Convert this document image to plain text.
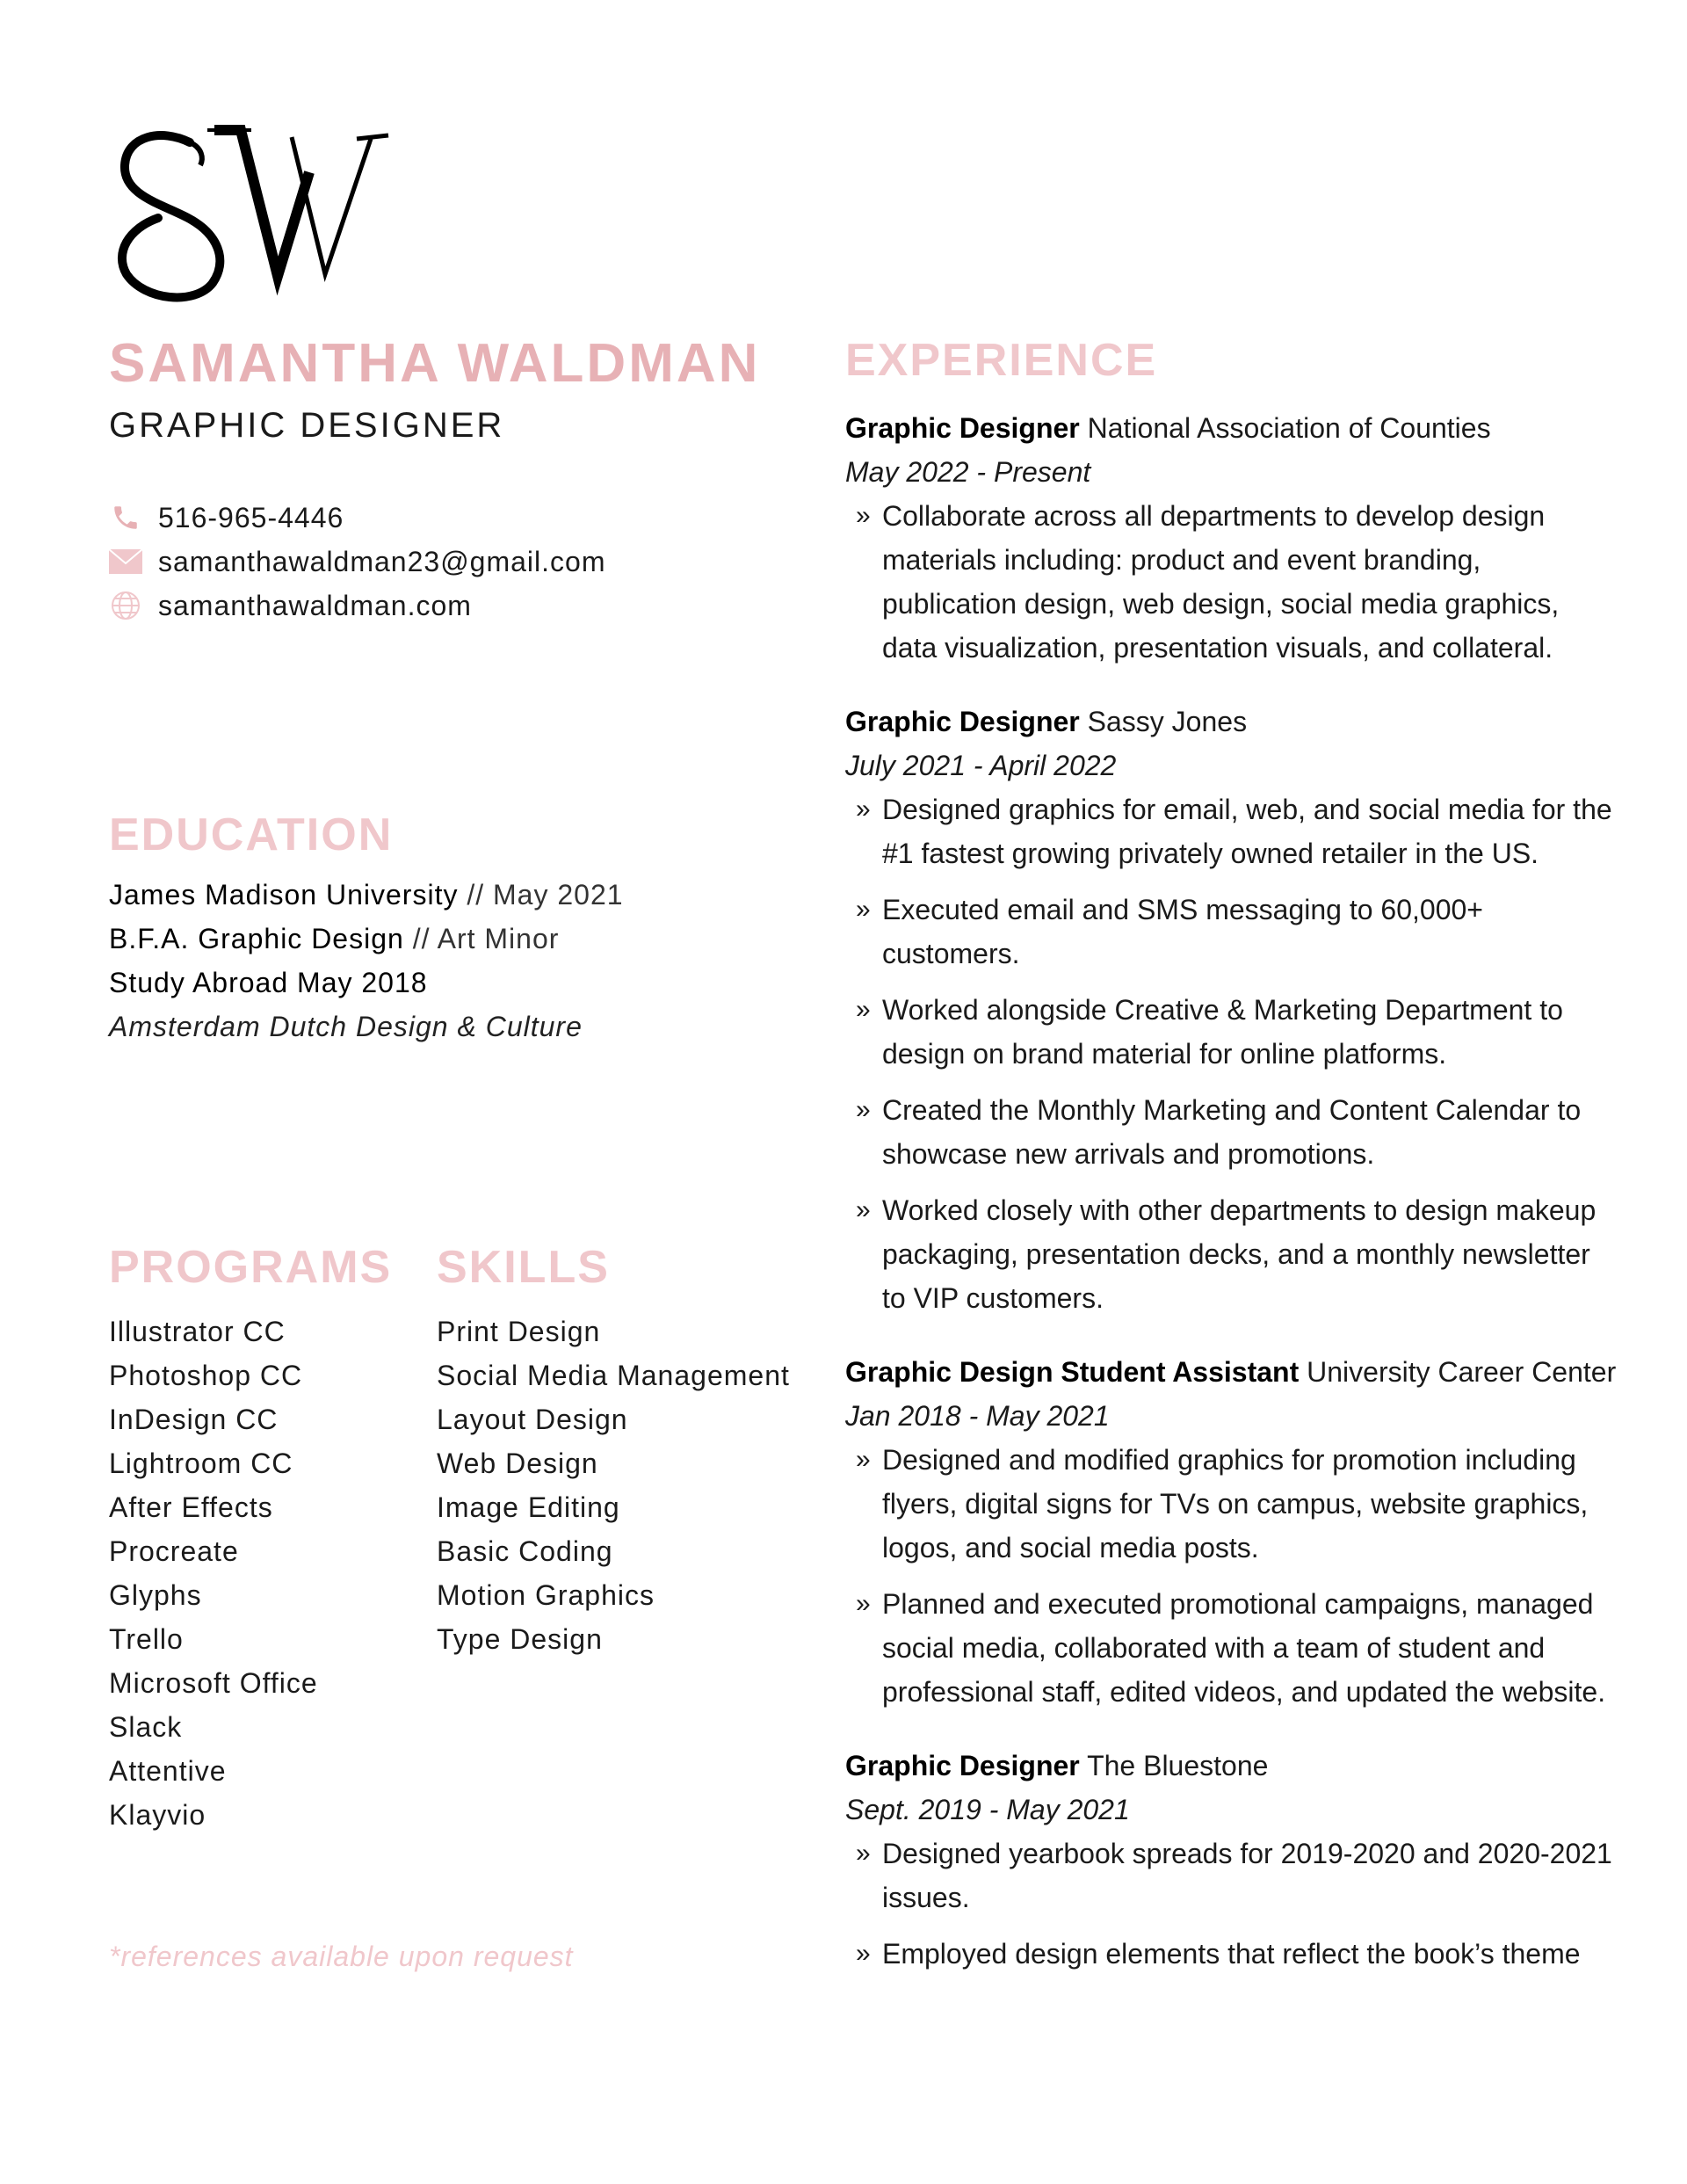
SAMANTHA WALDMAN
GRAPHIC DESIGNER
516-965-4446
samanthawaldman23@gmail.com
samanthawaldman.com
EDUCATION
James Madison University // May 2021
B.F.A. Graphic Design // Art Minor
Study Abroad May 2018
Amsterdam Dutch Design & Culture
PROGRAMS
Illustrator CC
Photoshop CC
InDesign CC
Lightroom CC
After Effects
Procreate
Glyphs
Trello
Microsoft Office
Slack
Attentive
Klayvio
SKILLS
Print Design
Social Media Management
Layout Design
Web Design
Image Editing
Basic Coding
Motion Graphics
Type Design
*references available upon request
EXPERIENCE
Graphic Designer National Association of Counties
May 2022 - Present
» Collaborate across all departments to develop design materials including: product and event branding, publication design, web design, social media graphics, data visualization, presentation visuals, and collateral.
Graphic Designer Sassy Jones
July 2021 - April 2022
» Designed graphics for email, web, and social media for the #1 fastest growing privately owned retailer in the US.
» Executed email and SMS messaging to 60,000+ customers.
» Worked alongside Creative & Marketing Department to design on brand material for online platforms.
» Created the Monthly Marketing and Content Calendar to showcase new arrivals and promotions.
» Worked closely with other departments to design makeup packaging, presentation decks, and a monthly newsletter to VIP customers.
Graphic Design Student Assistant University Career Center
Jan 2018 - May 2021
» Designed and modified graphics for promotion including flyers, digital signs for TVs on campus, website graphics, logos, and social media posts.
» Planned and executed promotional campaigns, managed social media, collaborated with a team of student and professional staff, edited videos, and updated the website.
Graphic Designer The Bluestone
Sept. 2019 - May 2021
» Designed yearbook spreads for 2019-2020 and 2020-2021 issues.
» Employed design elements that reflect the book’s theme
